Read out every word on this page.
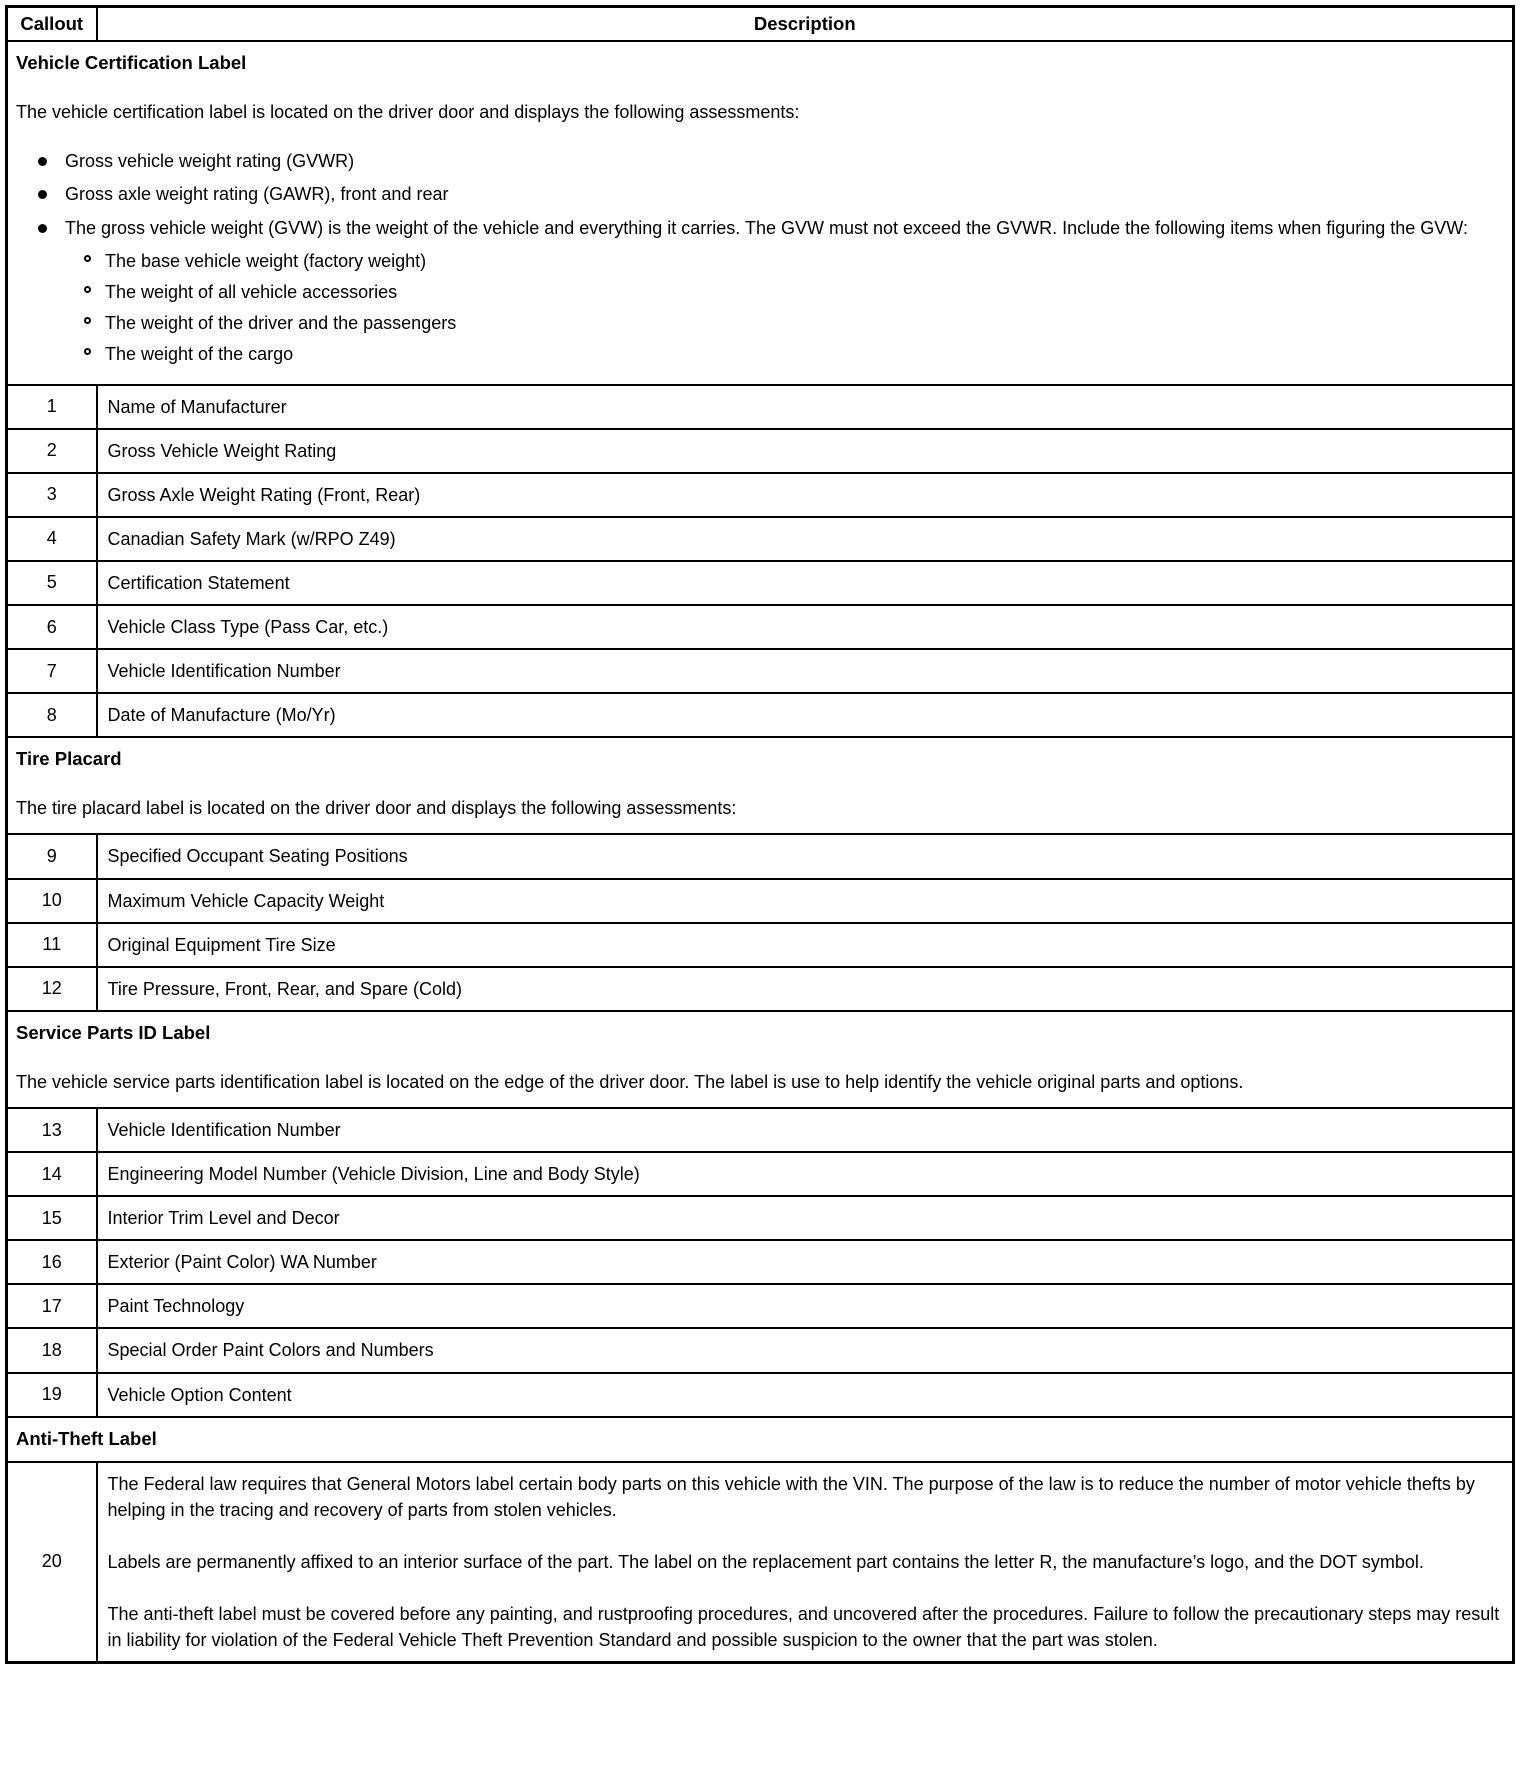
Callout	Description

Vehicle Certification Label
The vehicle certification label is located on the driver door and displays the following assessments:
Gross vehicle weight rating (GVWR)
Gross axle weight rating (GAWR), front and rear
The gross vehicle weight (GVW) is the weight of the vehicle and everything it carries. The GVW must not exceed the GVWR. Include the following items when figuring the GVW:
The base vehicle weight (factory weight)
The weight of all vehicle accessories
The weight of the driver and the passengers
The weight of the cargo

1	Name of Manufacturer

2	Gross Vehicle Weight Rating

3	Gross Axle Weight Rating (Front, Rear)

4	Canadian Safety Mark (w/RPO Z49)

5	Certification Statement

6	Vehicle Class Type (Pass Car, etc.)

7	Vehicle Identification Number

8	Date of Manufacture (Mo/Yr)

Tire Placard
The tire placard label is located on the driver door and displays the following assessments:	

9	Specified Occupant Seating Positions

10	Maximum Vehicle Capacity Weight

11	Original Equipment Tire Size

12	Tire Pressure, Front, Rear, and Spare (Cold)

Service Parts ID Label
The vehicle service parts identification label is located on the edge of the driver door. The label is use to help identify the vehicle original parts and options.	

13	Vehicle Identification Number

14	Engineering Model Number (Vehicle Division, Line and Body Style)

15	Interior Trim Level and Decor

16	Exterior (Paint Color) WA Number

17	Paint Technology

18	Special Order Paint Colors and Numbers

19	Vehicle Option Content

Anti-Theft Label	

20	The Federal law requires that General Motors label certain body parts on this vehicle with the VIN. The purpose of the law is to reduce the number of motor vehicle thefts by helping in the tracing and recovery of parts from stolen vehicles.
Labels are permanently affixed to an interior surface of the part. The label on the replacement part contains the letter R, the manufacture’s logo, and the DOT symbol.
The anti-theft label must be covered before any painting, and rustproofing procedures, and uncovered after the procedures. Failure to follow the precautionary steps may result in liability for violation of the Federal Vehicle Theft Prevention Standard and possible suspicion to the owner that the part was stolen.
